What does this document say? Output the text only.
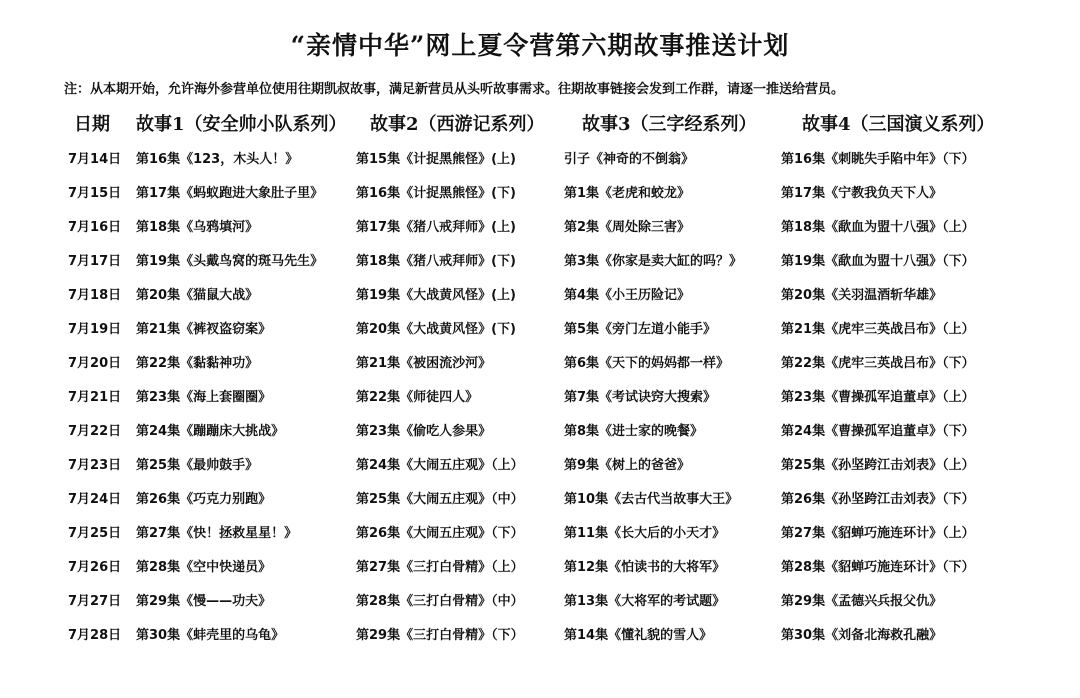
“亲情中华”网上夏令营第六期故事推送计划
注：从本期开始，允许海外参营单位使用往期凯叔故事，满足新营员从头听故事需求。往期故事链接会发到工作群，请逐一推送给营员。
日期 故事1（安全帅小队系列） 故事2（西游记系列） 故事3（三字经系列）	故事4（三国演义系列）
7月14日 第16集《123，木头人！》	第15集《计捉黑熊怪》(上)	引子《神奇的不倒翁》	第16集《刺眺失手陷中年》（下）
7月15日 第17集《蚂蚁跑进大象肚子里》	第16集《计捉黑熊怪》(下)	第1集《老虎和蛟龙》	第17集《宁教我负天下人》
7月16日 第18集《乌鸦填河》	第17集《猪八戒拜师》(上)	第2集《周处除三害》	第18集《歃血为盟十八强》（上）
7月17日 第19集《头戴鸟窝的斑马先生》	第18集《猪八戒拜师》(下)	第3集《你家是卖大缸的吗？》	第19集《歃血为盟十八强》（下）
7月18日 第20集《猫鼠大战》	第19集《大战黄风怪》(上)	第4集《小王历险记》	第20集《关羽温酒斩华雄》
7月19日 第21集《裤衩盗窃案》	第20集《大战黄风怪》(下)	第5集《旁门左道小能手》	第21集《虎牢三英战吕布》（上）
7月20日 第22集《黏黏神功》	第21集《被困流沙河》	第6集《天下的妈妈都一样》	第22集《虎牢三英战吕布》（下）
7月21日 第23集《海上套圈圈》	第22集《师徒四人》	第7集《考试诀窍大搜索》	第23集《曹操孤军追董卓》（上）
7月22日 第24集《蹦蹦床大挑战》	第23集《偷吃人参果》	第8集《进士家的晚餐》	第24集《曹操孤军追董卓》（下）
7月23日 第25集《最帅鼓手》	第24集《大闹五庄观》（上）	第9集《树上的爸爸》	第25集《孙坚跨江击刘表》（上）
7月24日 第26集《巧克力别跑》	第25集《大闹五庄观》（中）	第10集《去古代当故事大王》	第26集《孙坚跨江击刘表》（下）
7月25日 第27集《快！拯救星星！》	第26集《大闹五庄观》（下）	第11集《长大后的小天才》	第27集《貂蝉巧施连环计》（上）
7月26日 第28集《空中快递员》	第27集《三打白骨精》（上）	第12集《怕读书的大将军》	第28集《貂蝉巧施连环计》（下）
7月27日 第29集《慢——功夫》	第28集《三打白骨精》（中）	第13集《大将军的考试题》	第29集《孟德兴兵报父仇》
7月28日 第30集《蚌壳里的乌龟》	第29集《三打白骨精》（下）	第14集《懂礼貌的雪人》	第30集《刘备北海救孔融》
